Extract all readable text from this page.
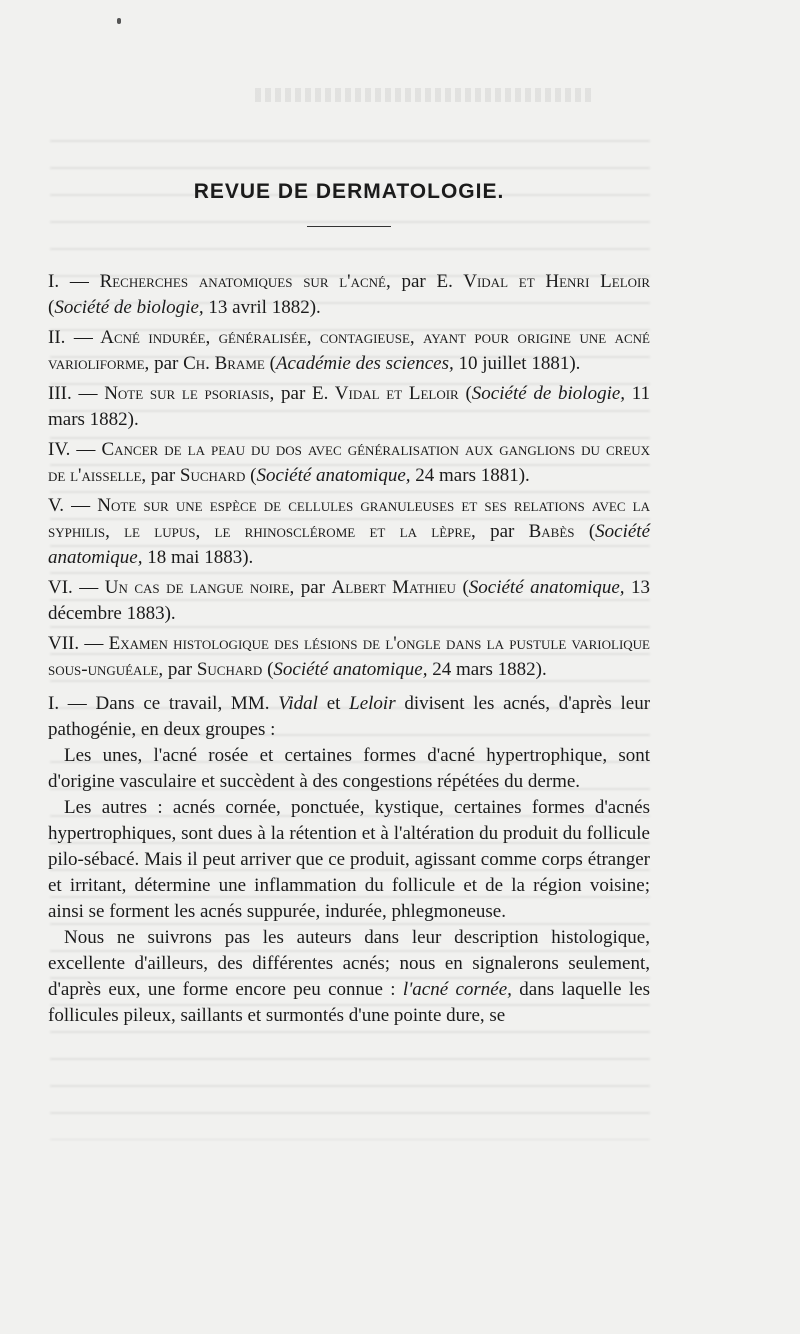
REVUE DE DERMATOLOGIE.

I. — Recherches anatomiques sur l'acné, par E. Vidal et Henri Leloir (Société de biologie, 13 avril 1882).

II. — Acné indurée, généralisée, contagieuse, ayant pour origine une acné varioliforme, par Ch. Brame (Académie des sciences, 10 juillet 1881).

III. — Note sur le psoriasis, par E. Vidal et Leloir (Société de biologie, 11 mars 1882).

IV. — Cancer de la peau du dos avec généralisation aux ganglions du creux de l'aisselle, par Suchard (Société anatomique, 24 mars 1881).

V. — Note sur une espèce de cellules granuleuses et ses relations avec la syphilis, le lupus, le rhinosclérome et la lèpre, par Babès (Société anatomique, 18 mai 1883).

VI. — Un cas de langue noire, par Albert Mathieu (Société anatomique, 13 décembre 1883).

VII. — Examen histologique des lésions de l'ongle dans la pustule variolique sous-unguéale, par Suchard (Société anatomique, 24 mars 1882).

I. — Dans ce travail, MM. Vidal et Leloir divisent les acnés, d'après leur pathogénie, en deux groupes :

Les unes, l'acné rosée et certaines formes d'acné hypertrophique, sont d'origine vasculaire et succèdent à des congestions répétées du derme.

Les autres : acnés cornée, ponctuée, kystique, certaines formes d'acnés hypertrophiques, sont dues à la rétention et à l'altération du produit du follicule pilo-sébacé. Mais il peut arriver que ce produit, agissant comme corps étranger et irritant, détermine une inflammation du follicule et de la région voisine; ainsi se forment les acnés suppurée, indurée, phlegmoneuse.

Nous ne suivrons pas les auteurs dans leur description histologique, excellente d'ailleurs, des différentes acnés; nous en signalerons seulement, d'après eux, une forme encore peu connue : l'acné cornée, dans laquelle les follicules pileux, saillants et surmontés d'une pointe dure, se
